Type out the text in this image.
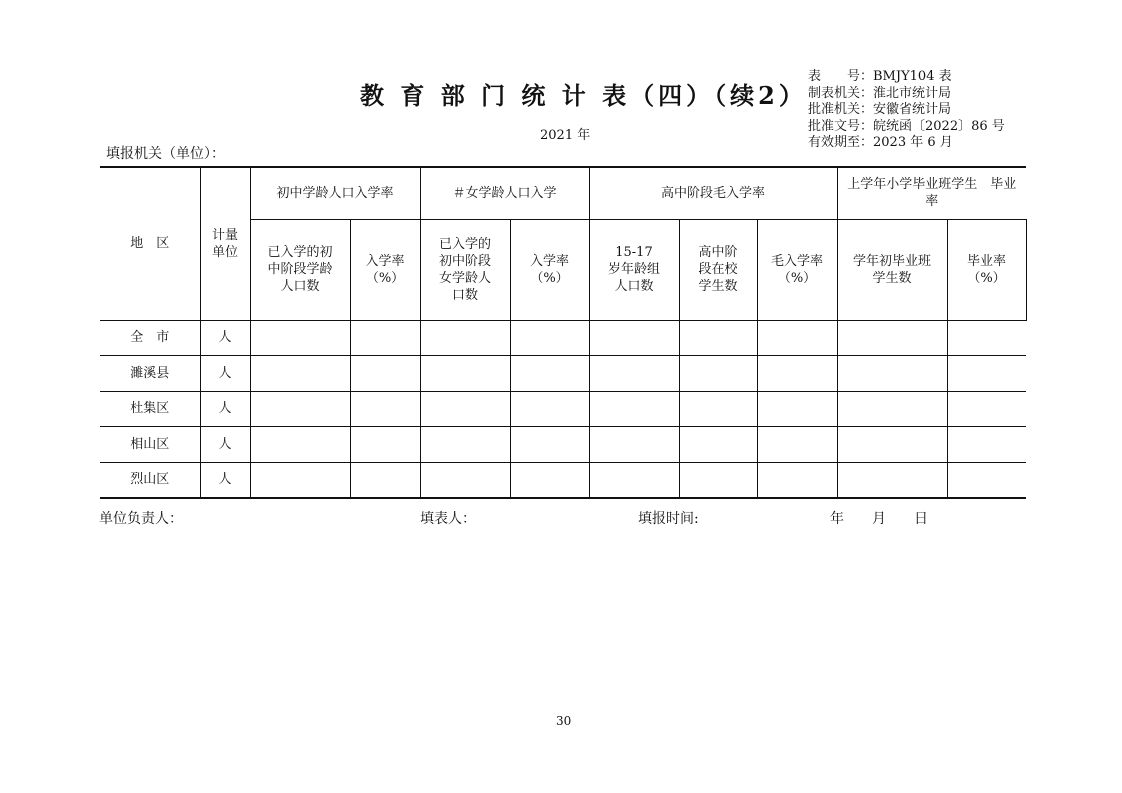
教 育 部 门 统 计 表（四）（续2）
2021 年
表　　号：BMJY104 表
制表机关：淮北市统计局
批准机关：安徽省统计局
批准文号：皖统函〔2022〕86 号
有效期至：2023 年 6 月
填报机关（单位）：
地　区	计量单位	初中学龄人口入学率		＃女学龄人口入学		高中阶段毛入学率			上学年小学毕业班学生　毕业率	
		已入学的初中阶段学龄人口数	入学率（%）	已入学的初中阶段女学龄人口数	入学率（%）	15-17 岁年龄组人口数	高中阶段在校　学生数	毛入学率（%）	学年初毕业班学生数	毕业率（%）
全　市	人									
濉溪县	人									
杜集区	人									
相山区	人									
烈山区	人									
单位负责人：	填表人：	填报时间:	年　　月　　日
30
